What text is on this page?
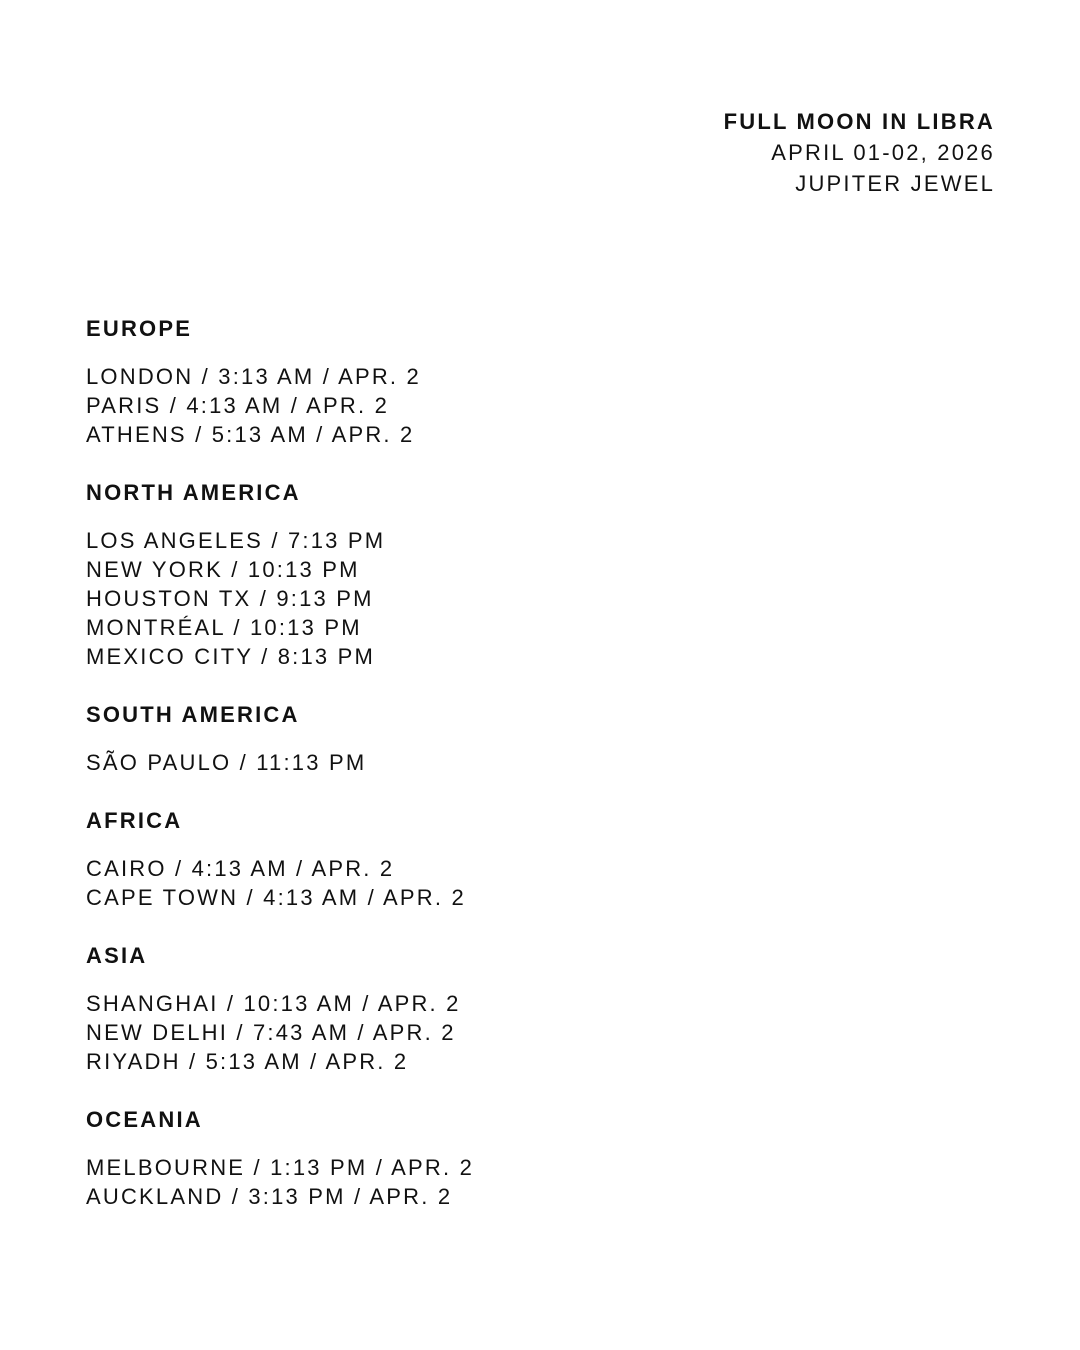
FULL MOON IN LIBRA
APRIL 01-02, 2026
JUPITER JEWEL
EUROPE
LONDON / 3:13 AM / APR. 2
PARIS / 4:13 AM / APR. 2
ATHENS / 5:13 AM / APR. 2
NORTH AMERICA
LOS ANGELES / 7:13 PM
NEW YORK / 10:13 PM
HOUSTON TX / 9:13 PM
MONTRÉAL / 10:13 PM
MEXICO CITY / 8:13 PM
SOUTH AMERICA
SÃO PAULO / 11:13 PM
AFRICA
CAIRO / 4:13 AM / APR. 2
CAPE TOWN / 4:13 AM / APR. 2
ASIA
SHANGHAI / 10:13 AM / APR. 2
NEW DELHI / 7:43 AM / APR. 2
RIYADH / 5:13 AM / APR. 2
OCEANIA
MELBOURNE / 1:13 PM / APR. 2
AUCKLAND / 3:13 PM / APR. 2
